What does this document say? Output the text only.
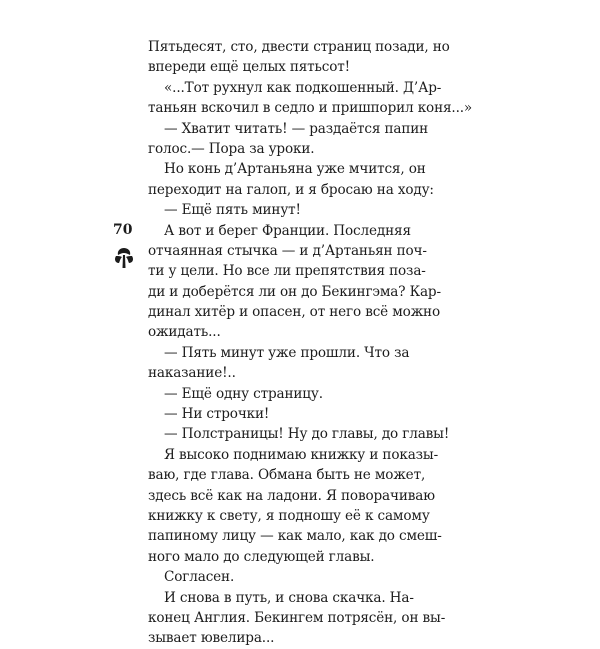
70
Пятьдесят, сто, двести страниц позади, но
впереди ещё целых пятьсот!
«...Тот рухнул как подкошенный. Д’Ар-
таньян вскочил в седло и пришпорил коня...»
— Хватит читать! — раздаётся папин
голос.— Пора за уроки.
Но конь д’Артаньяна уже мчится, он
переходит на галоп, и я бросаю на ходу:
— Ещё пять минут!
А вот и берег Франции. Последняя
отчаянная стычка — и д’Артаньян поч-
ти у цели. Но все ли препятствия поза-
ди и доберётся ли он до Бекингэма? Кар-
динал хитёр и опасен, от него всё можно
ожидать...
— Пять минут уже прошли. Что за
наказание!..
— Ещё одну страницу.
— Ни строчки!
— Полстраницы! Ну до главы, до главы!
Я высоко поднимаю книжку и показы-
ваю, где глава. Обмана быть не может,
здесь всё как на ладони. Я поворачиваю
книжку к свету, я подношу её к самому
папиному лицу — как мало, как до смеш-
ного мало до следующей главы.
Согласен.
И снова в путь, и снова скачка. На-
конец Англия. Бекингем потрясён, он вы-
зывает ювелира...
